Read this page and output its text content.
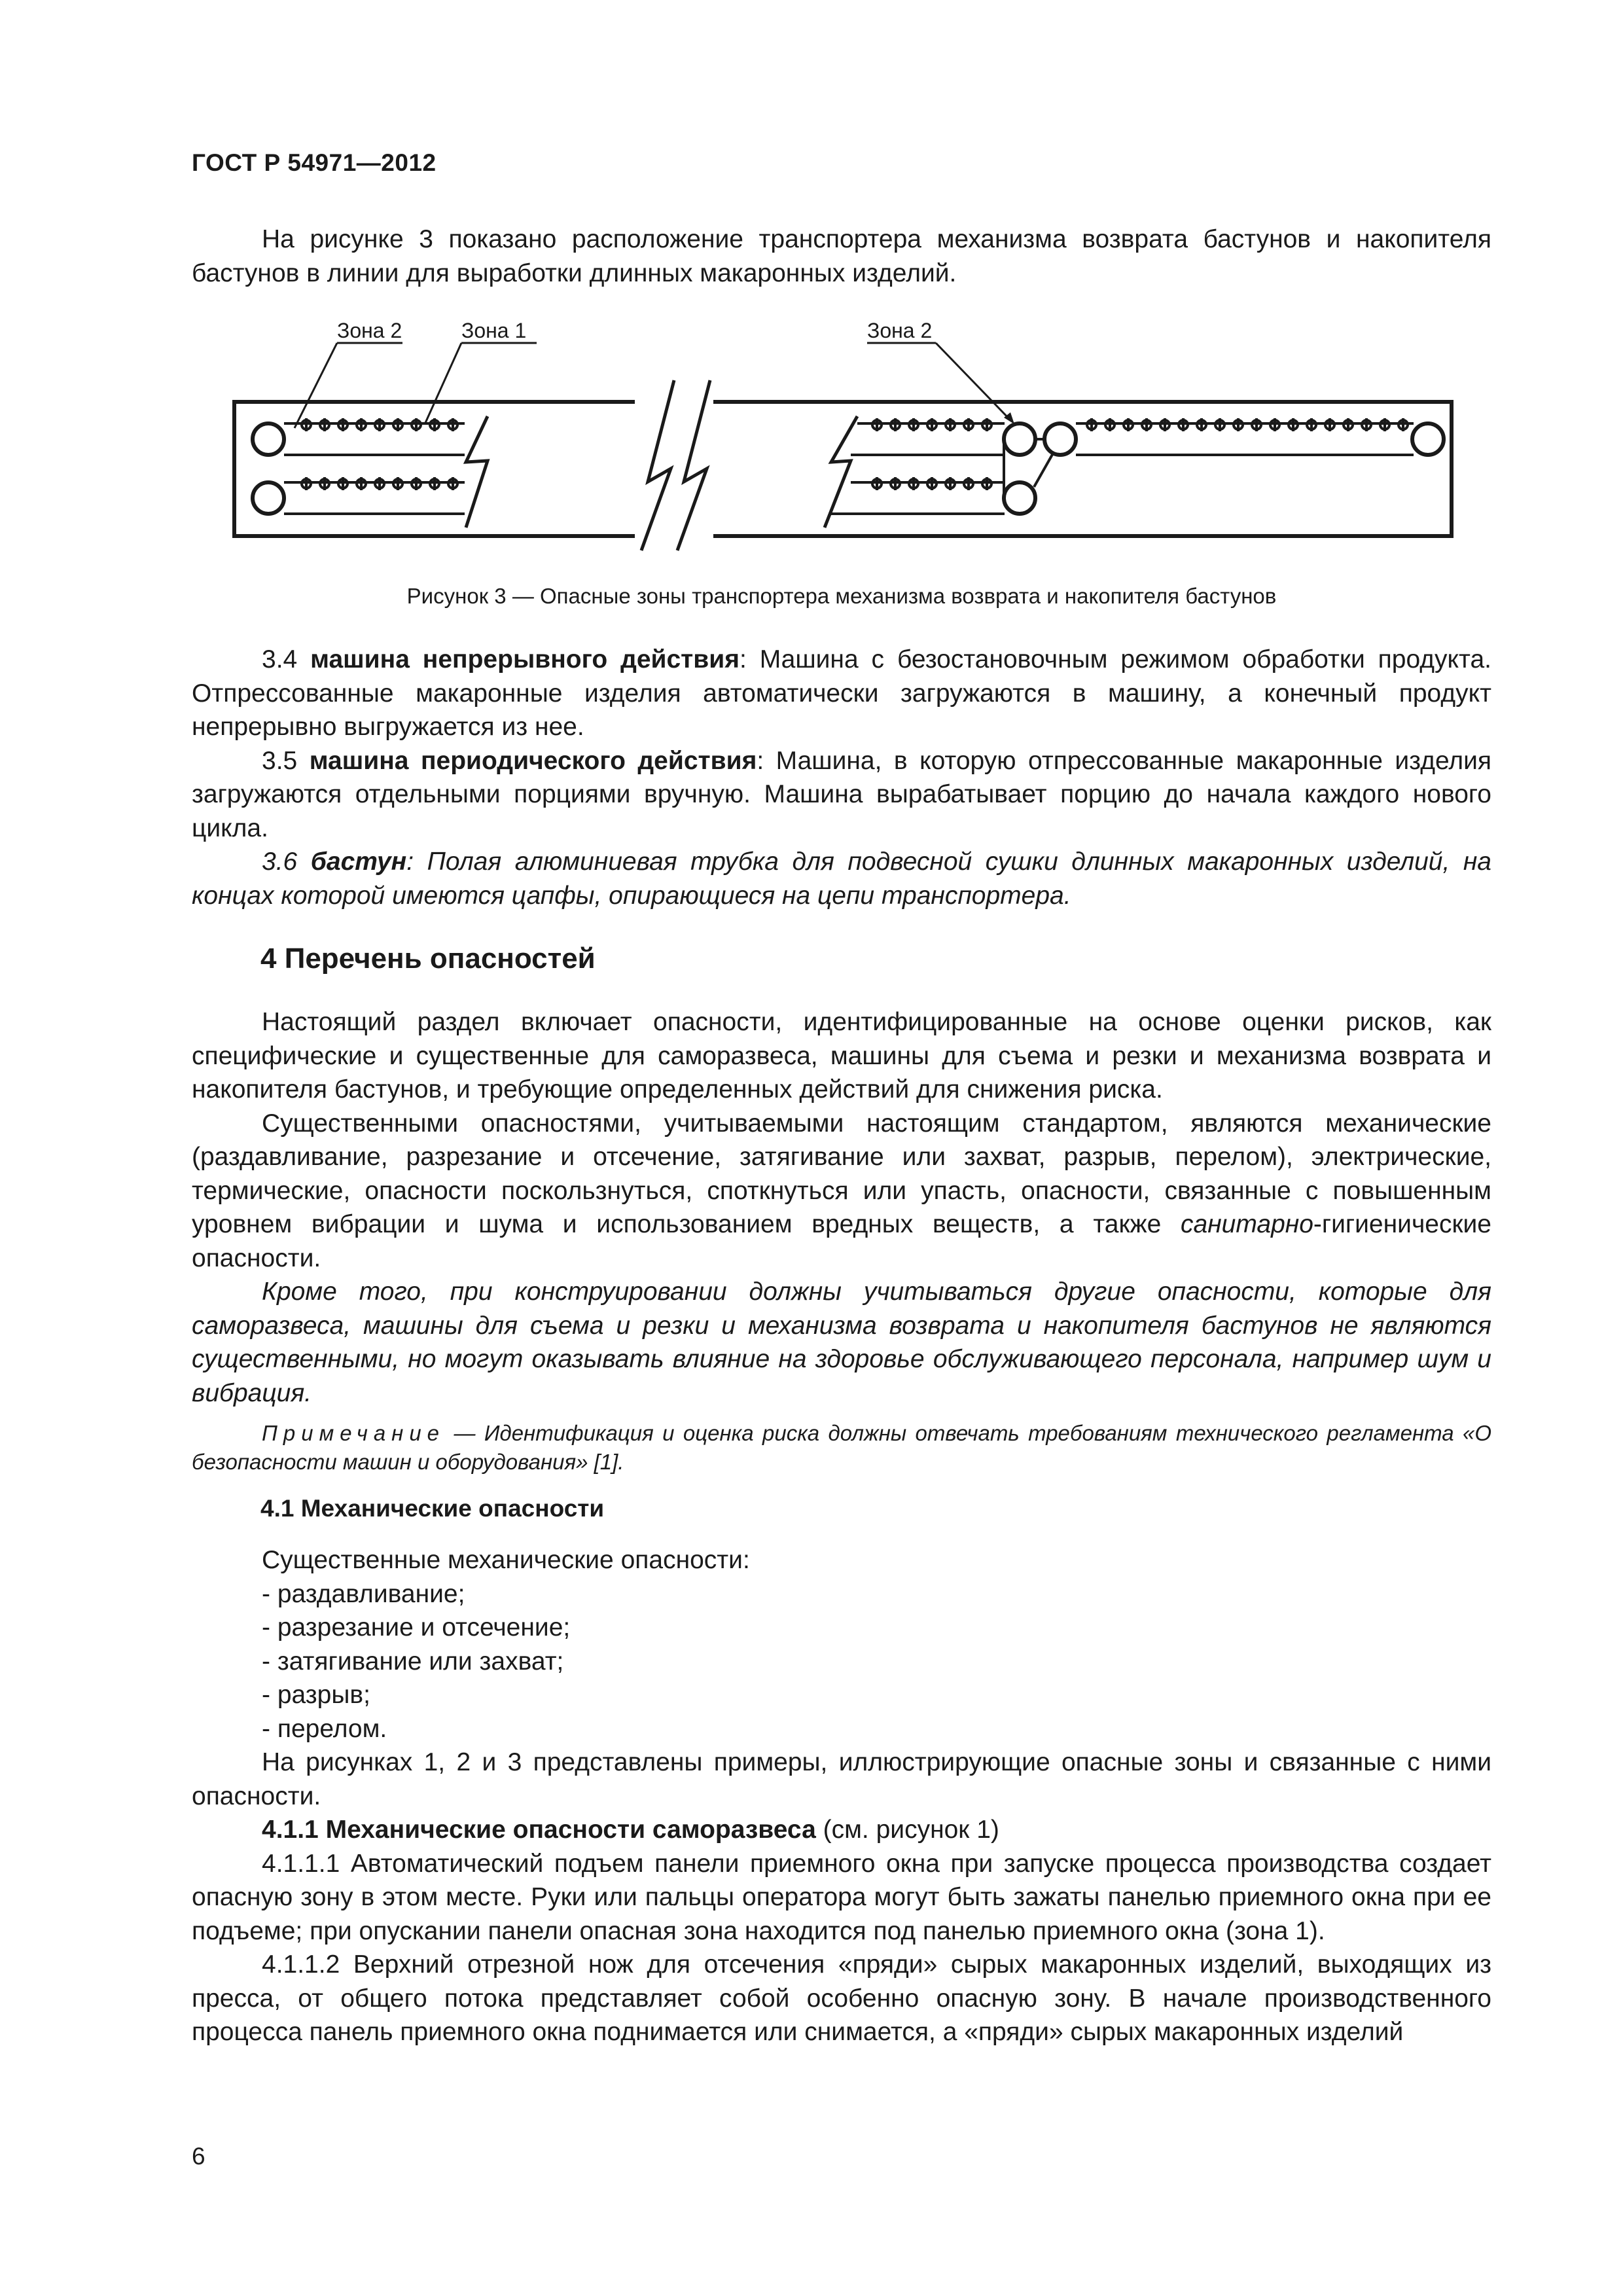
ГОСТ Р 54971—2012

На рисунке 3 показано расположение транспортера механизма возврата бастунов и накопителя бастунов в линии для выработки длинных макаронных изделий.

Зона 2	Зона 1	Зона 2
Рисунок 3 — Опасные зоны транспортера механизма возврата и накопителя бастунов

3.4 машина непрерывного действия: Машина с безостановочным режимом обработки продукта. Отпрессованные макаронные изделия автоматически загружаются в машину, а конечный продукт непрерывно выгружается из нее.

3.5 машина периодического действия: Машина, в которую отпрессованные макаронные изделия загружаются отдельными порциями вручную. Машина вырабатывает порцию до начала каждого нового цикла.

3.6 бастун: Полая алюминиевая трубка для подвесной сушки длинных макаронных изделий, на концах которой имеются цапфы, опирающиеся на цепи транспортера.

4 Перечень опасностей

Настоящий раздел включает опасности, идентифицированные на основе оценки рисков, как специфические и существенные для саморазвеса, машины для съема и резки и механизма возврата и накопителя бастунов, и требующие определенных действий для снижения риска.

Существенными опасностями, учитываемыми настоящим стандартом, являются механические (раздавливание, разрезание и отсечение, затягивание или захват, разрыв, перелом), электрические, термические, опасности поскользнуться, споткнуться или упасть, опасности, связанные с повышенным уровнем вибрации и шума и использованием вредных веществ, а также санитарно-гигиенические опасности.

Кроме того, при конструировании должны учитываться другие опасности, которые для саморазвеса, машины для съема и резки и механизма возврата и накопителя бастунов не являются существенными, но могут оказывать влияние на здоровье обслуживающего персонала, например шум и вибрация.

Примечание — Идентификация и оценка риска должны отвечать требованиям технического регламента «О безопасности машин и оборудования» [1].

4.1 Механические опасности

Существенные механические опасности:

- раздавливание;

- разрезание и отсечение;

- затягивание или захват;

- разрыв;

- перелом.

На рисунках 1, 2 и 3 представлены примеры, иллюстрирующие опасные зоны и связанные с ними опасности.

4.1.1 Механические опасности саморазвеса (см. рисунок 1)

4.1.1.1 Автоматический подъем панели приемного окна при запуске процесса производства создает опасную зону в этом месте. Руки или пальцы оператора могут быть зажаты панелью приемного окна при ее подъеме; при опускании панели опасная зона находится под панелью приемного окна (зона 1).

4.1.1.2 Верхний отрезной нож для отсечения «пряди» сырых макаронных изделий, выходящих из пресса, от общего потока представляет собой особенно опасную зону. В начале производственного процесса панель приемного окна поднимается или снимается, а «пряди» сырых макаронных изделий

6
